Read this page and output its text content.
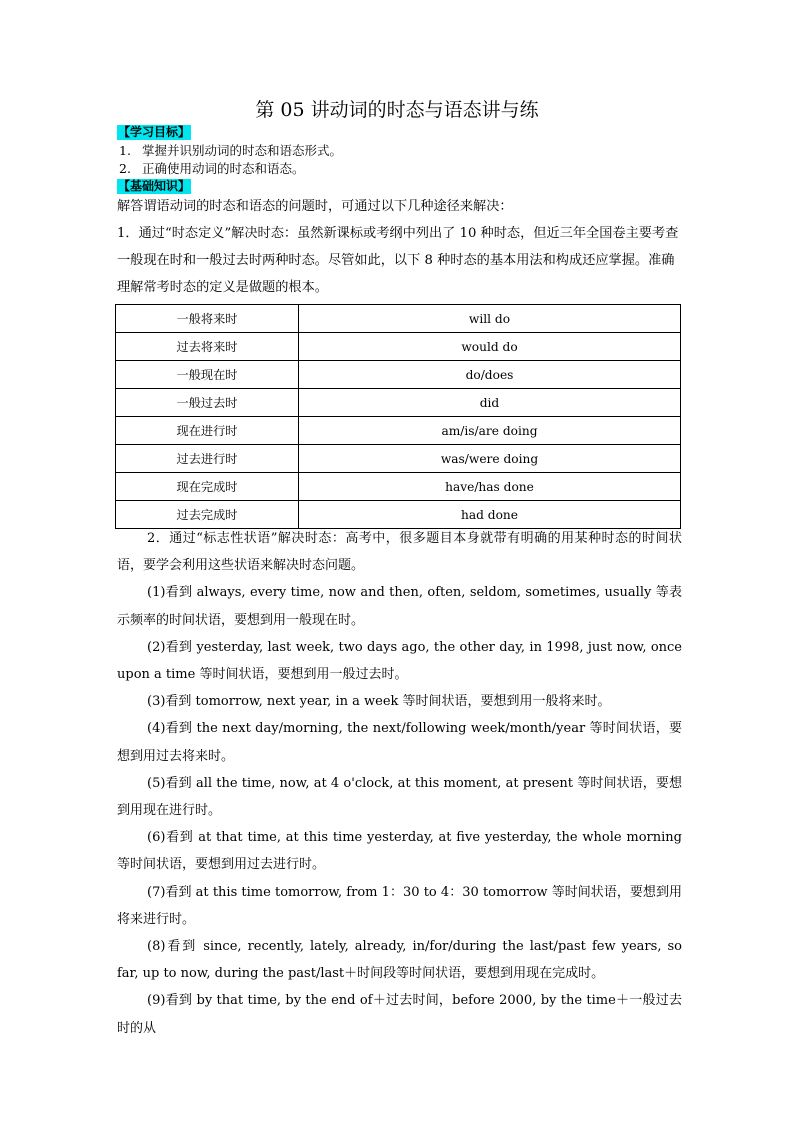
第 05 讲动词的时态与语态讲与练
【学习目标】
1. 掌握并识别动词的时态和语态形式。
2. 正确使用动词的时态和语态。
【基础知识】
解答谓语动词的时态和语态的问题时，可通过以下几种途径来解决：
1．通过“时态定义”解决时态：虽然新课标或考纲中列出了 10 种时态，但近三年全国卷主要考查一般现在时和一般过去时两种时态。尽管如此，以下 8 种时态的基本用法和构成还应掌握。准确理解常考时态的定义是做题的根本。
一般将来时	will do
过去将来时	would do
一般现在时	do/does
一般过去时	did
现在进行时	am/is/are doing
过去进行时	was/were doing
现在完成时	have/has done
过去完成时	had done

2．通过“标志性状语”解决时态：高考中，很多题目本身就带有明确的用某种时态的时间状语，要学会利用这些状语来解决时态问题。

(1)看到 always, every time, now and then, often, seldom, sometimes, usually 等表示频率的时间状语，要想到用一般现在时。

(2)看到 yesterday, last week, two days ago, the other day, in 1998, just now, once upon a time 等时间状语，要想到用一般过去时。

(3)看到 tomorrow, next year, in a week 等时间状语，要想到用一般将来时。

(4)看到 the next day/morning, the next/following week/month/year 等时间状语，要想到用过去将来时。

(5)看到 all the time, now, at 4 o'clock, at this moment, at present 等时间状语，要想到用现在进行时。

(6)看到 at that time, at this time yesterday, at five yesterday, the whole morning 等时间状语，要想到用过去进行时。

(7)看到 at this time tomorrow, from 1：30 to 4：30 tomorrow 等时间状语，要想到用将来进行时。

(8)看到 since, recently, lately, already, in/for/during the last/past few years, so far, up to now, during the past/last＋时间段等时间状语，要想到用现在完成时。

(9)看到 by that time, by the end of＋过去时间，before 2000, by the time＋一般过去时的从
